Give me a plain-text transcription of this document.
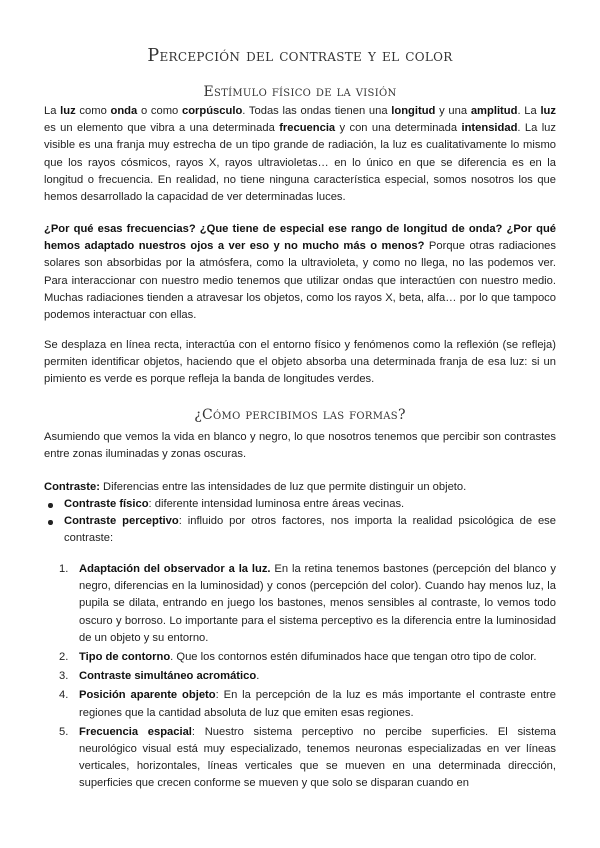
Percepción del contraste y el color
Estímulo físico de la visión

La luz como onda o como corpúsculo. Todas las ondas tienen una longitud y una amplitud. La luz es un elemento que vibra a una determinada frecuencia y con una determinada intensidad. La luz visible es una franja muy estrecha de un tipo grande de radiación, la luz es cualitativamente lo mismo que los rayos cósmicos, rayos X, rayos ultravioletas… en lo único en que se diferencia es en la longitud o frecuencia. En realidad, no tiene ninguna característica especial, somos nosotros los que hemos desarrollado la capacidad de ver determinadas luces.

¿Por qué esas frecuencias? ¿Que tiene de especial ese rango de longitud de onda? ¿Por qué hemos adaptado nuestros ojos a ver eso y no mucho más o menos? Porque otras radiaciones solares son absorbidas por la atmósfera, como la ultravioleta, y como no llega, no las podemos ver. Para interaccionar con nuestro medio tenemos que utilizar ondas que interactúen con nuestro medio. Muchas radiaciones tienden a atravesar los objetos, como los rayos X, beta, alfa… por lo que tampoco podemos interactuar con ellas.

Se desplaza en línea recta, interactúa con el entorno físico y fenómenos como la reflexión (se refleja) permiten identificar objetos, haciendo que el objeto absorba una determinada franja de esa luz: si un pimiento es verde es porque refleja la banda de longitudes verdes.

¿Cómo percibimos las formas?

Asumiendo que vemos la vida en blanco y negro, lo que nosotros tenemos que percibir son contrastes entre zonas iluminadas y zonas oscuras.

Contraste: Diferencias entre las intensidades de luz que permite distinguir un objeto.

Contraste físico: diferente intensidad luminosa entre áreas vecinas.
Contraste perceptivo: influido por otros factores, nos importa la realidad psicológica de ese contraste:
1. Adaptación del observador a la luz. En la retina tenemos bastones (percepción del blanco y negro, diferencias en la luminosidad) y conos (percepción del color). Cuando hay menos luz, la pupila se dilata, entrando en juego los bastones, menos sensibles al contraste, lo vemos todo oscuro y borroso. Lo importante para el sistema perceptivo es la diferencia entre la luminosidad de un objeto y su entorno.
2. Tipo de contorno. Que los contornos estén difuminados hace que tengan otro tipo de color.
3. Contraste simultáneo acromático.
4. Posición aparente objeto: En la percepción de la luz es más importante el contraste entre regiones que la cantidad absoluta de luz que emiten esas regiones.
5. Frecuencia espacial: Nuestro sistema perceptivo no percibe superficies. El sistema neurológico visual está muy especializado, tenemos neuronas especializadas en ver líneas verticales, horizontales, líneas verticales que se mueven en una determinada dirección, superficies que crecen conforme se mueven y que solo se disparan cuando en
